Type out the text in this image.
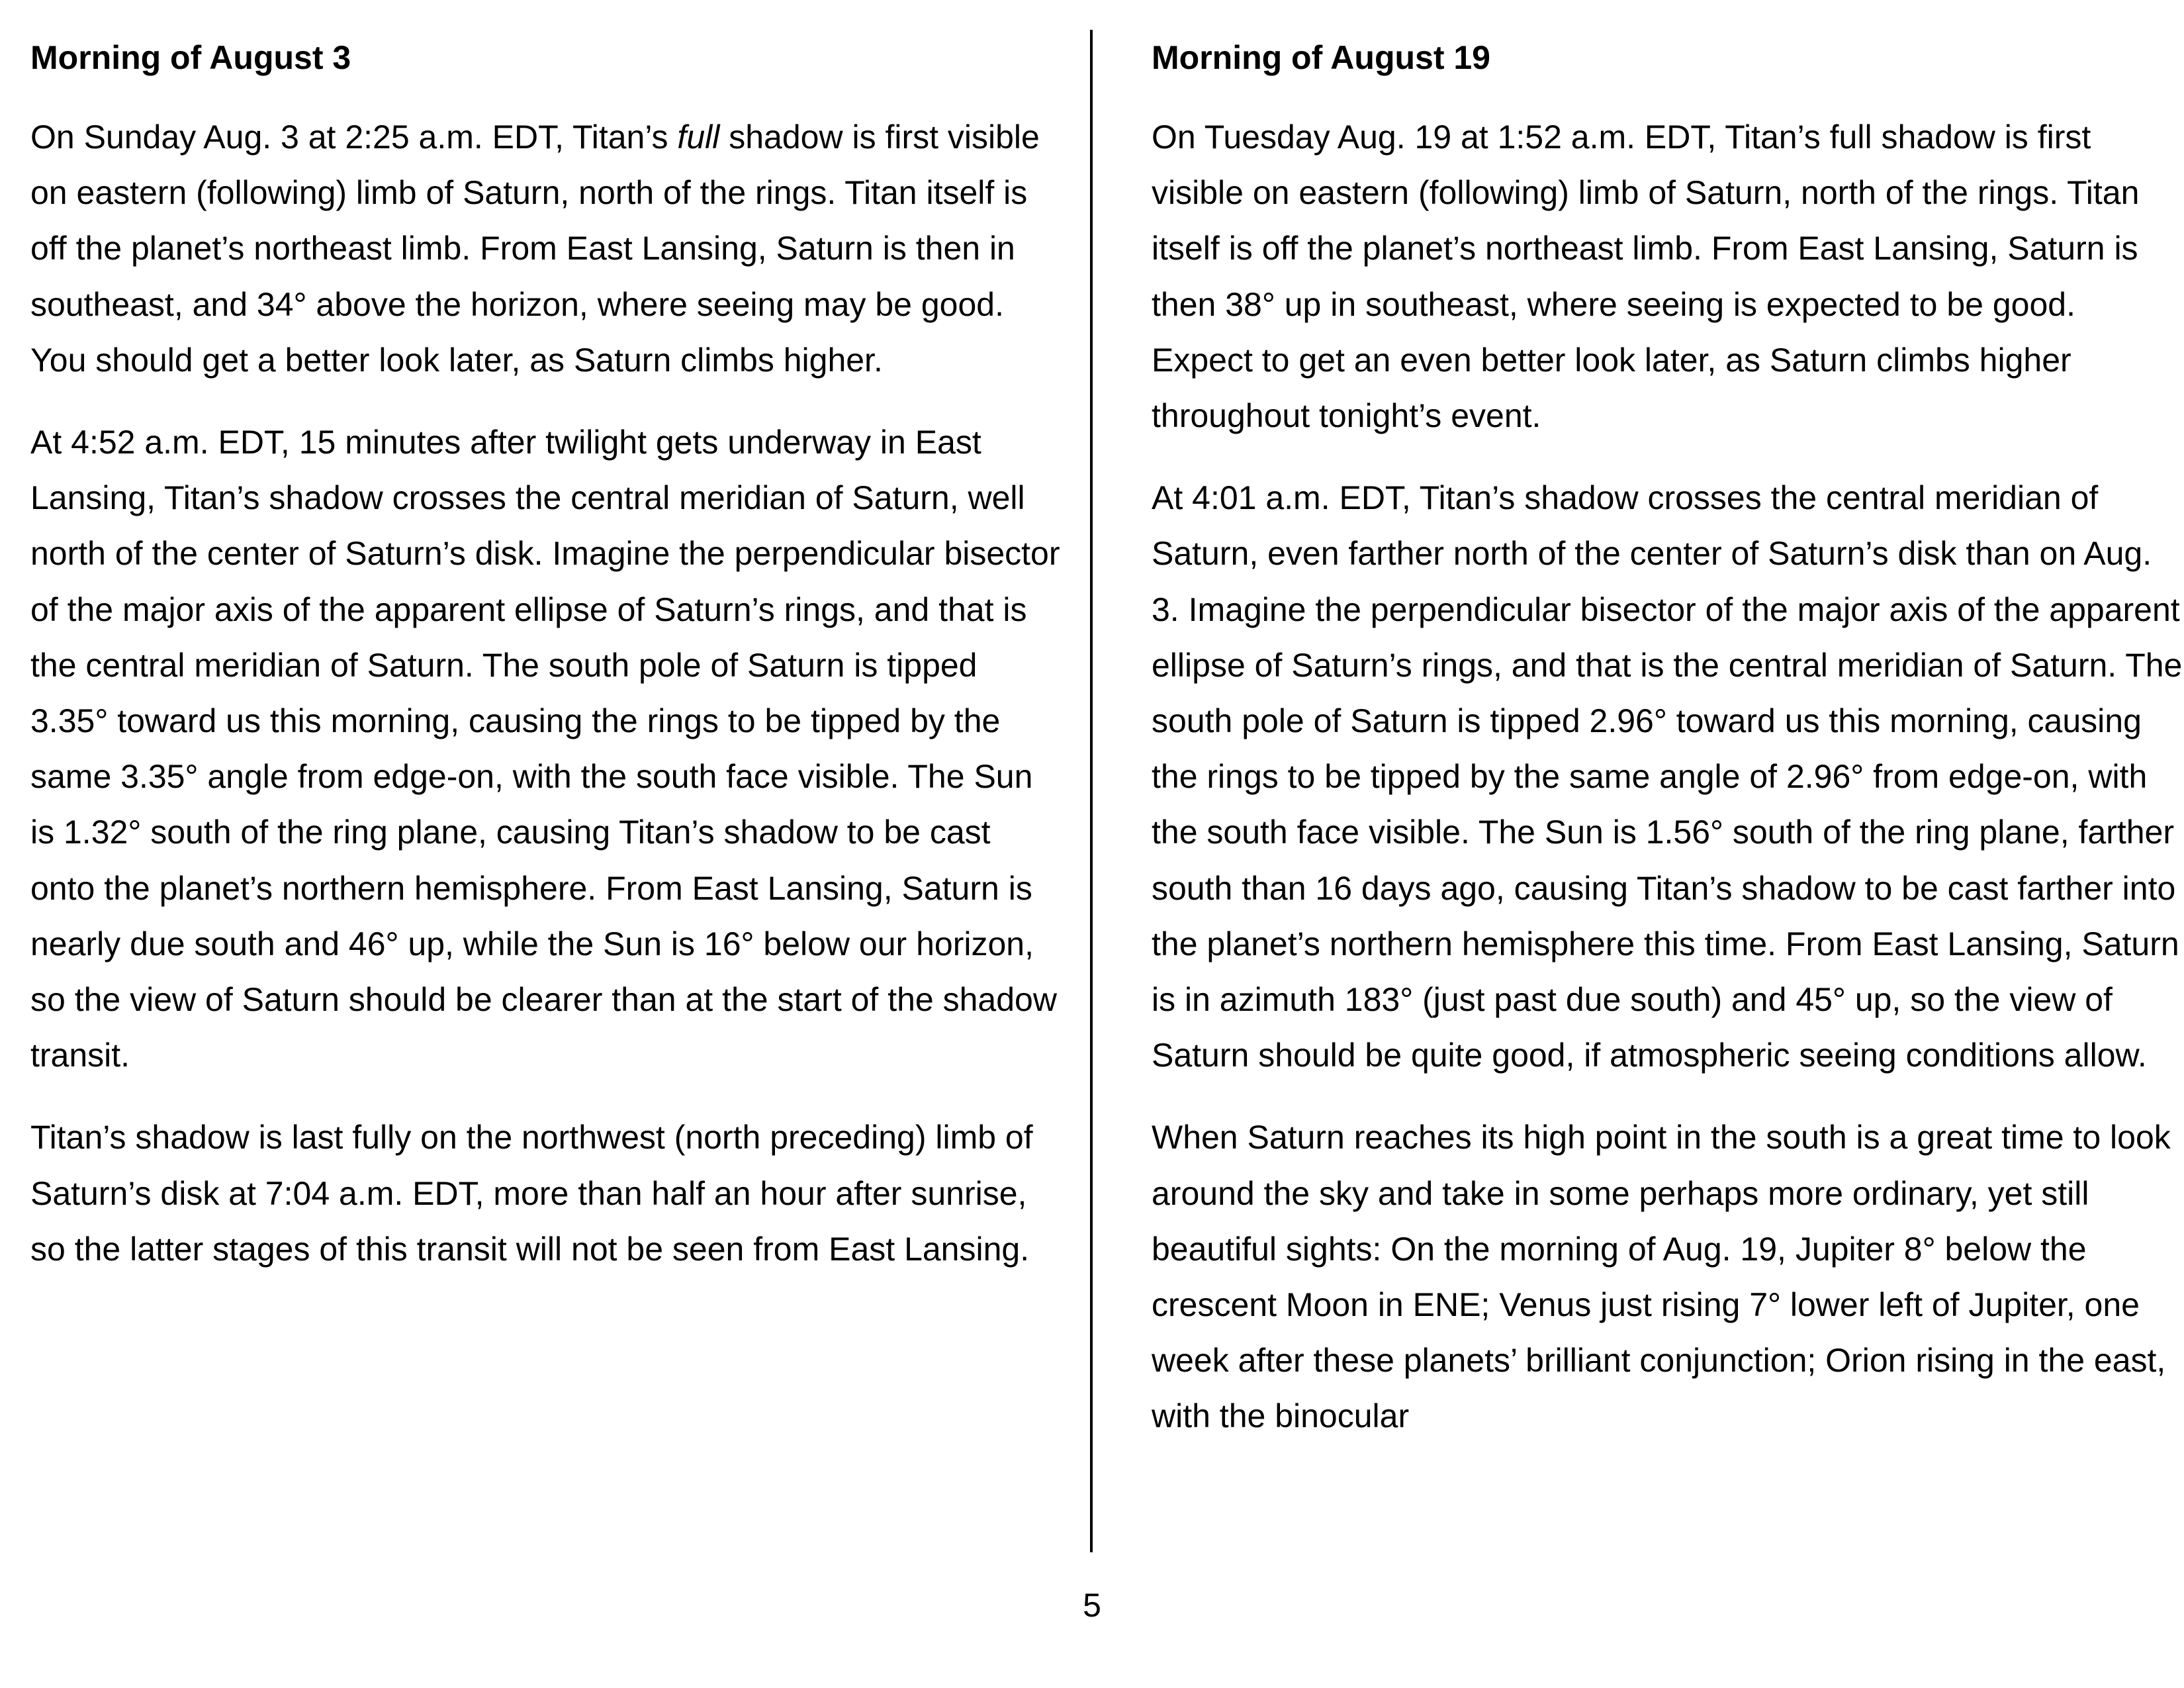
Morning of August 3

On Sunday Aug. 3 at 2:25 a.m. EDT, Titan’s full shadow is first visible on eastern (following) limb of Saturn, north of the rings. Titan itself is off the planet’s northeast limb. From East Lansing, Saturn is then in southeast, and 34° above the horizon, where seeing may be good. You should get a better look later, as Saturn climbs higher.

At 4:52 a.m. EDT, 15 minutes after twilight gets underway in East Lansing, Titan’s shadow crosses the central meridian of Saturn, well north of the center of Saturn’s disk. Imagine the perpendicular bisector of the major axis of the apparent ellipse of Saturn’s rings, and that is the central meridian of Saturn. The south pole of Saturn is tipped 3.35° toward us this morning, causing the rings to be tipped by the same 3.35° angle from edge-on, with the south face visible. The Sun is 1.32° south of the ring plane, causing Titan’s shadow to be cast onto the planet’s northern hemisphere. From East Lansing, Saturn is nearly due south and 46° up, while the Sun is 16° below our horizon, so the view of Saturn should be clearer than at the start of the shadow transit.

Titan’s shadow is last fully on the northwest (north preceding) limb of Saturn’s disk at 7:04 a.m. EDT, more than half an hour after sunrise, so the latter stages of this transit will not be seen from East Lansing.

Morning of August 19

On Tuesday Aug. 19 at 1:52 a.m. EDT, Titan’s full shadow is first visible on eastern (following) limb of Saturn, north of the rings. Titan itself is off the planet’s northeast limb. From East Lansing, Saturn is then 38° up in southeast, where seeing is expected to be good. Expect to get an even better look later, as Saturn climbs higher throughout tonight’s event.

At 4:01 a.m. EDT, Titan’s shadow crosses the central meridian of Saturn, even farther north of the center of Saturn’s disk than on Aug. 3. Imagine the perpendicular bisector of the major axis of the apparent ellipse of Saturn’s rings, and that is the central meridian of Saturn. The south pole of Saturn is tipped 2.96° toward us this morning, causing the rings to be tipped by the same angle of 2.96° from edge-on, with the south face visible. The Sun is 1.56° south of the ring plane, farther south than 16 days ago, causing Titan’s shadow to be cast farther into the planet’s northern hemisphere this time. From East Lansing, Saturn is in azimuth 183° (just past due south) and 45° up, so the view of Saturn should be quite good, if atmospheric seeing conditions allow.

When Saturn reaches its high point in the south is a great time to look around the sky and take in some perhaps more ordinary, yet still beautiful sights: On the morning of Aug. 19, Jupiter 8° below the crescent Moon in ENE; Venus just rising 7° lower left of Jupiter, one week after these planets’ brilliant conjunction; Orion rising in the east, with the binocular

5
